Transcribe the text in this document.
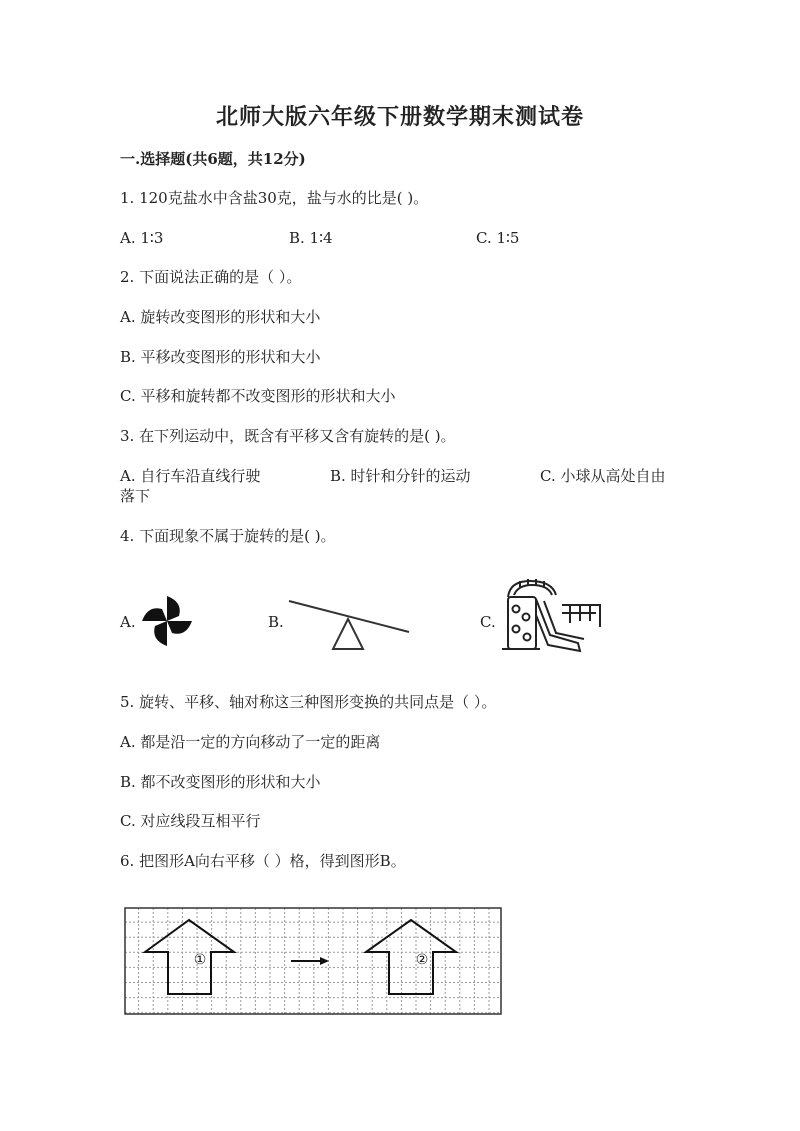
北师大版六年级下册数学期末测试卷
一.选择题(共6题，共12分)
1. 120克盐水中含盐30克，盐与水的比是( )。
A. 1∶3	B. 1∶4	C. 1∶5
2. 下面说法正确的是（ ）。
A. 旋转改变图形的形状和大小
B. 平移改变图形的形状和大小
C. 平移和旋转都不改变图形的形状和大小
3. 在下列运动中，既含有平移又含有旋转的是( )。
A. 自行车沿直线行驶	B. 时针和分针的运动	C. 小球从高处自由
落下
4. 下面现象不属于旋转的是( )。
A.	B.	C.
5. 旋转、平移、轴对称这三种图形变换的共同点是（ ）。
A. 都是沿一定的方向移动了一定的距离
B. 都不改变图形的形状和大小
C. 对应线段互相平行
6. 把图形A向右平移（ ）格，得到图形B。
①	②
